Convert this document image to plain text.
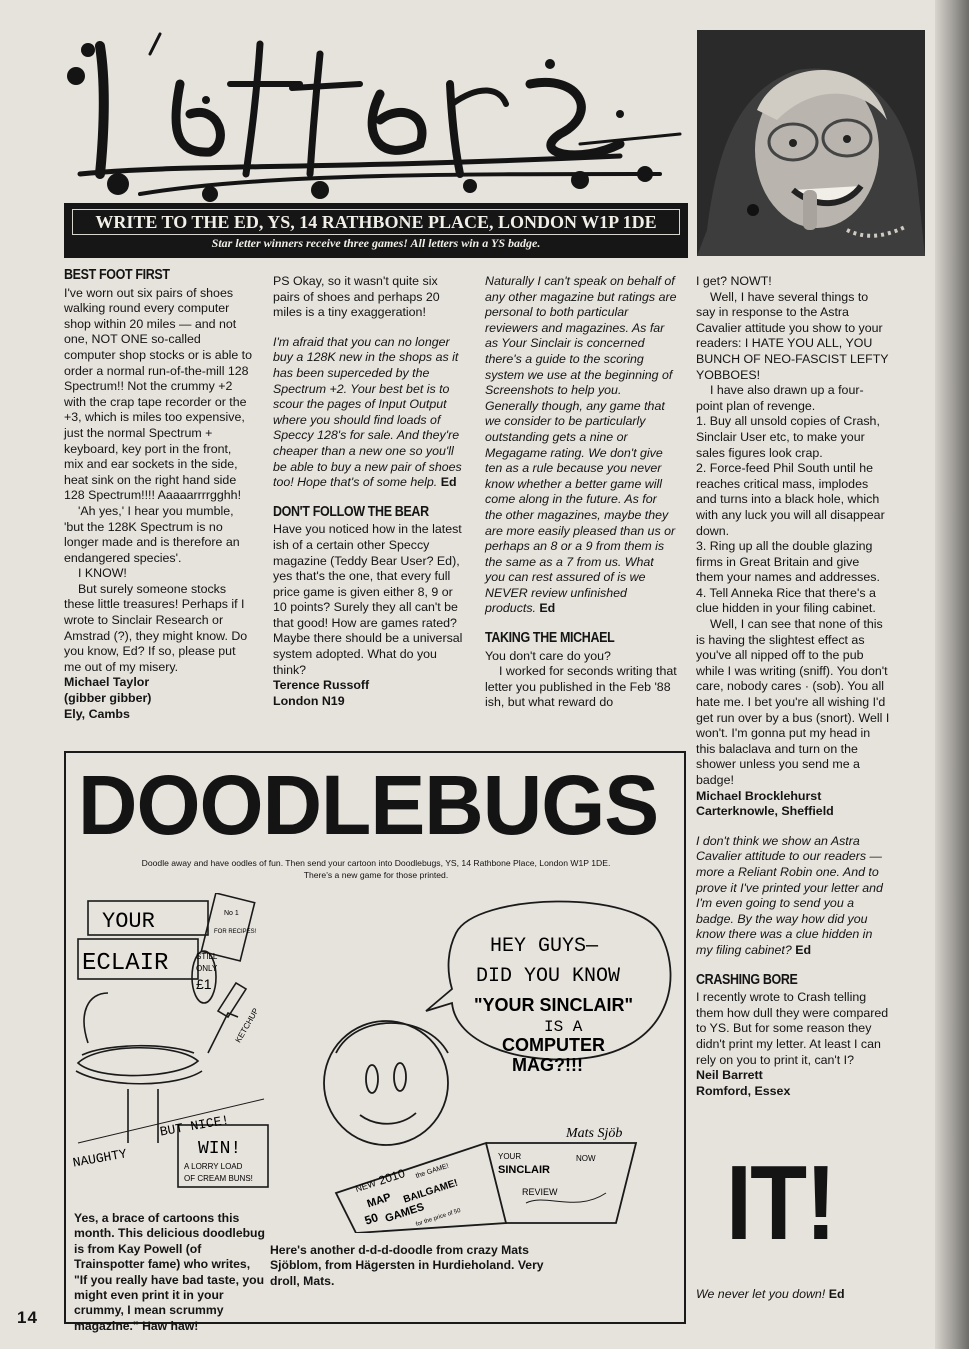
WRITE TO THE ED, YS, 14 RATHBONE PLACE, LONDON W1P 1DE
Star letter winners receive three games! All letters win a YS badge.
BEST FOOT FIRST

I've worn out six pairs of shoes walking round every computer shop within 20 miles — and not one, NOT ONE so-called computer shop stocks or is able to order a normal run-of-the-mill 128 Spectrum!! Not the crummy +2 with the crap tape recorder or the +3, which is miles too expensive, just the normal Spectrum + keyboard, key port in the front, mix and ear sockets in the side, heat sink on the right hand side 128 Spectrum!!!! Aaaaarrrrgghh!

'Ah yes,' I hear you mumble, 'but the 128K Spectrum is no longer made and is therefore an endangered species'.

I KNOW!

But surely someone stocks these little treasures! Perhaps if I wrote to Sinclair Research or Amstrad (?), they might know. Do you know, Ed? If so, please put me out of my misery.

Michael Taylor

(gibber gibber)

Ely, Cambs

PS Okay, so it wasn't quite six pairs of shoes and perhaps 20 miles is a tiny exaggeration!

I'm afraid that you can no longer buy a 128K new in the shops as it has been superceded by the Spectrum +2. Your best bet is to scour the pages of Input Output where you should find loads of Speccy 128's for sale. And they're cheaper than a new one so you'll be able to buy a new pair of shoes too! Hope that's of some help. Ed

DON'T FOLLOW THE BEAR

Have you noticed how in the latest ish of a certain other Speccy magazine (Teddy Bear User? Ed), yes that's the one, that every full price game is given either 8, 9 or 10 points? Surely they all can't be that good! How are games rated? Maybe there should be a universal system adopted. What do you think?

Terence Russoff

London N19

Naturally I can't speak on behalf of any other magazine but ratings are personal to both particular reviewers and magazines. As far as Your Sinclair is concerned there's a guide to the scoring system we use at the beginning of Screenshots to help you. Generally though, any game that we consider to be particularly outstanding gets a nine or Megagame rating. We don't give ten as a rule because you never know whether a better game will come along in the future. As for the other magazines, maybe they are more easily pleased than us or perhaps an 8 or a 9 from them is the same as a 7 from us. What you can rest assured of is we NEVER review unfinished products. Ed

TAKING THE MICHAEL

You don't care do you?

I worked for seconds writing that letter you published in the Feb '88 ish, but what reward do

I get? NOWT!

Well, I have several things to say in response to the Astra Cavalier attitude you show to your readers: I HATE YOU ALL, YOU BUNCH OF NEO-FASCIST LEFTY YOBBOES!

I have also drawn up a four-point plan of revenge.

1. Buy all unsold copies of Crash, Sinclair User etc, to make your sales figures look crap.

2. Force-feed Phil South until he reaches critical mass, implodes and turns into a black hole, which with any luck you will all disappear down.

3. Ring up all the double glazing firms in Great Britain and give them your names and addresses.

4. Tell Anneka Rice that there's a clue hidden in your filing cabinet.

Well, I can see that none of this is having the slightest effect as you've all nipped off to the pub while I was writing (sniff). You don't care, nobody cares · (sob). You all hate me. I bet you're all wishing I'd get run over by a bus (snort). Well I won't. I'm gonna put my head in this balaclava and turn on the shower unless you send me a badge!

Michael Brocklehurst

Carterknowle, Sheffield

I don't think we show an Astra Cavalier attitude to our readers — more a Reliant Robin one. And to prove it I've printed your letter and I'm even going to send you a badge. By the way how did you know there was a clue hidden in my filing cabinet? Ed

CRASHING BORE

I recently wrote to Crash telling them how dull they were compared to YS. But for some reason they didn't print my letter. At least I can rely on you to print it, can't I?

Neil Barrett

Romford, Essex

DOODLEBUGS
Doodle away and have oodles of fun. Then send your cartoon into Doodlebugs, YS, 14 Rathbone Place, London W1P 1DE.
There's a new game for those printed.
YOUR
ECLAIR	STILL
ONLY
£1
No 1
FOR RECIPES!
KETCHUP
NAUGHTY
BUT NICE!
WIN!
A LORRY LOAD
OF CREAM BUNS!
HEY GUYS—
DID YOU KNOW
"YOUR SINCLAIR"
IS A
COMPUTER
MAG?!!!
Mats Sjöb
NEW 2010 the GAME!
MAP BAILGAME!
50 GAMES
for the price of 50
YOUR
SINCLAIR
REVIEW
NOW
Yes, a brace of cartoons this month. This delicious doodlebug is from Kay Powell (of Trainspotter fame) who writes, "If you really have bad taste, you might even print it in your crummy, I mean scrummy magazine." Haw haw!
Here's another d-d-d-doodle from crazy Mats Sjöblom, from Hägersten in Hurdieholand. Very droll, Mats.
IT!
We never let you down! Ed
14
